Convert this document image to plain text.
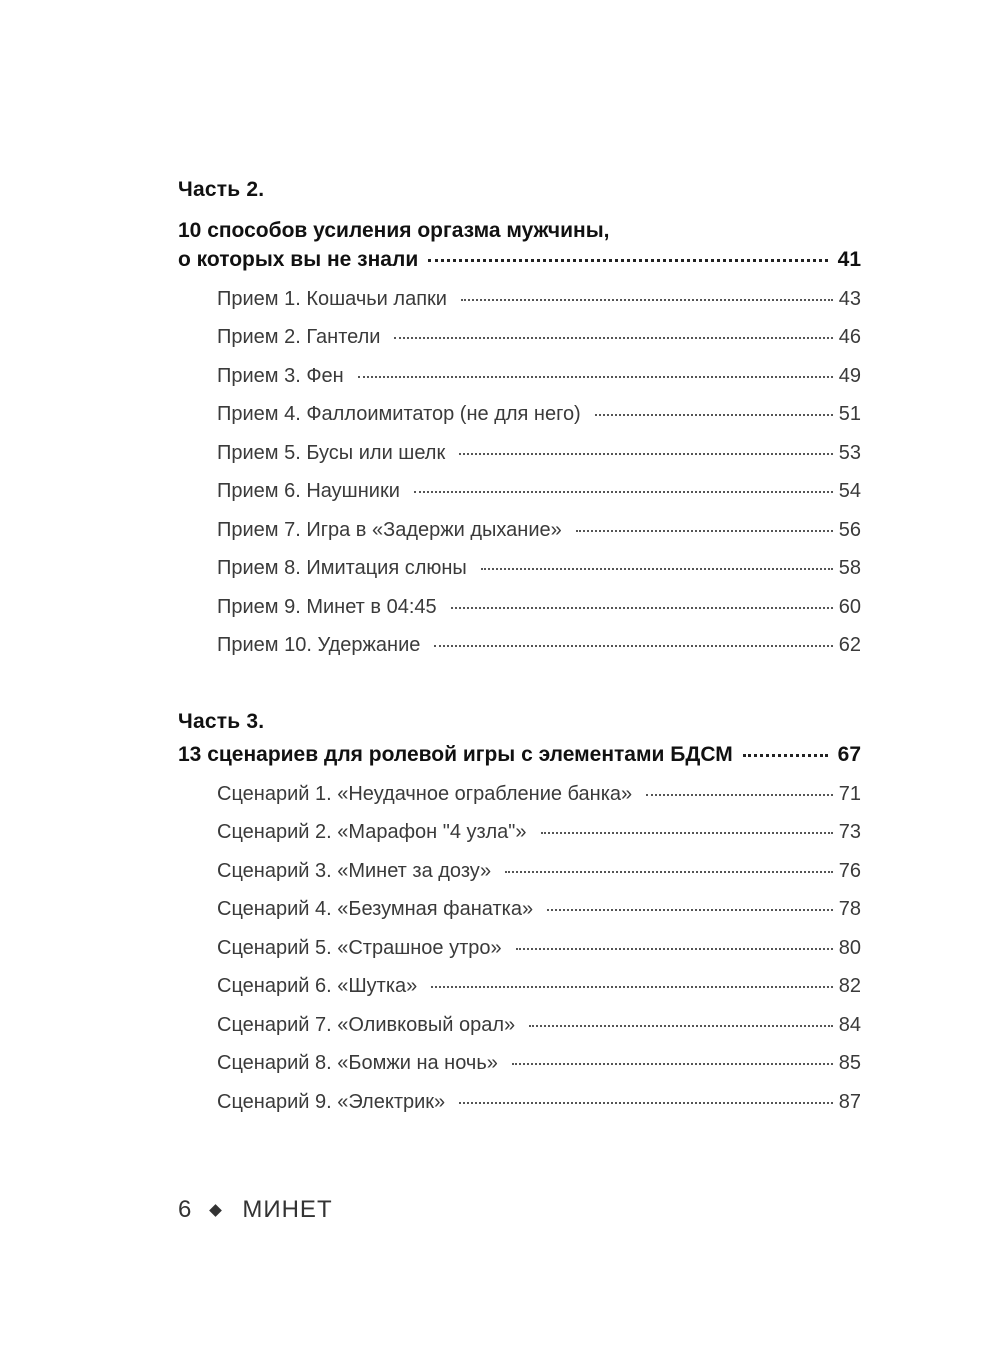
Часть 2.
10 способов усиления оргазма мужчины,
о которых вы не знали	41
Прием 1. Кошачьи лапки	43
Прием 2. Гантели	46
Прием 3. Фен	49
Прием 4. Фаллоимитатор (не для него)	51
Прием 5. Бусы или шелк	53
Прием 6. Наушники	54
Прием 7. Игра в «Задержи дыхание»	56
Прием 8. Имитация слюны	58
Прием 9. Минет в 04:45	60
Прием 10. Удержание	62
Часть 3.
13 сценариев для ролевой игры с элементами БДСМ	67
Сценарий 1. «Неудачное ограбление банка»	71
Сценарий 2. «Марафон "4 узла"»	73
Сценарий 3. «Минет за дозу»	76
Сценарий 4. «Безумная фанатка»	78
Сценарий 5. «Страшное утро»	80
Сценарий 6. «Шутка»	82
Сценарий 7. «Оливковый орал»	84
Сценарий 8. «Бомжи на ночь»	85
Сценарий 9. «Электрик»	87
6 МИНЕТ
